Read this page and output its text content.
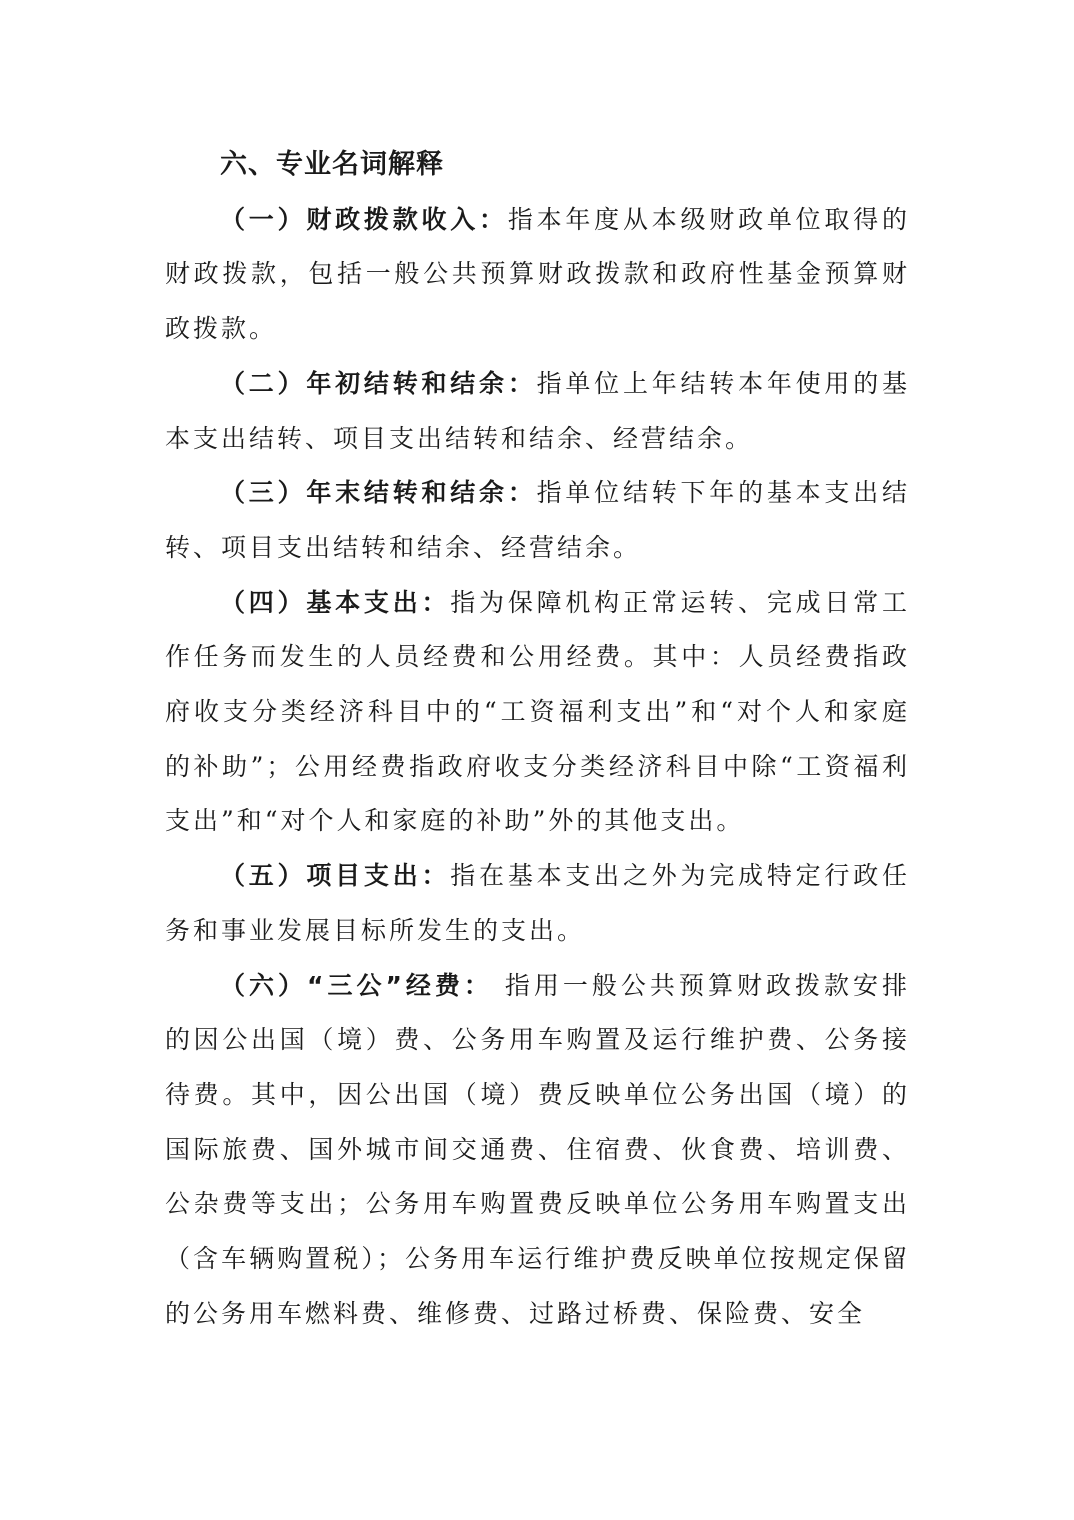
六、专业名词解释

（一）财政拨款收入：指本年度从本级财政单位取得的财政拨款，包括一般公共预算财政拨款和政府性基金预算财政拨款。

（二）年初结转和结余：指单位上年结转本年使用的基本支出结转、项目支出结转和结余、经营结余。

（三）年末结转和结余：指单位结转下年的基本支出结转、项目支出结转和结余、经营结余。

（四）基本支出：指为保障机构正常运转、完成日常工作任务而发生的人员经费和公用经费。其中：人员经费指政府收支分类经济科目中的“工资福利支出”和“对个人和家庭的补助”；公用经费指政府收支分类经济科目中除“工资福利支出”和“对个人和家庭的补助”外的其他支出。

（五）项目支出：指在基本支出之外为完成特定行政任务和事业发展目标所发生的支出。

（六）“三公”经费： 指用一般公共预算财政拨款安排的因公出国（境）费、公务用车购置及运行维护费、公务接待费。其中，因公出国（境）费反映单位公务出国（境）的国际旅费、国外城市间交通费、住宿费、伙食费、培训费、公杂费等支出；公务用车购置费反映单位公务用车购置支出（含车辆购置税）；公务用车运行维护费反映单位按规定保留的公务用车燃料费、维修费、过路过桥费、保险费、安全
